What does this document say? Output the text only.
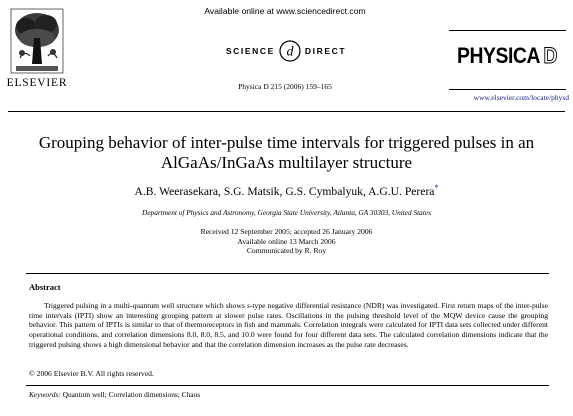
ELSEVIER
Available online at www.sciencedirect.com
SCIENCE d DIRECT
Physica D 215 (2006) 159–165
PHYSICA D
www.elsevier.com/locate/physd
Grouping behavior of inter-pulse time intervals for triggered pulses in an AlGaAs/InGaAs multilayer structure
A.B. Weerasekara, S.G. Matsik, G.S. Cymbalyuk, A.G.U. Perera*
Department of Physics and Astronomy, Georgia State University, Atlanta, GA 30303, United States
Received 12 September 2005; accepted 26 January 2006
Available online 13 March 2006
Communicated by R. Roy
Abstract
Triggered pulsing in a multi-quantum well structure which shows s-type negative differential resistance (NDR) was investigated. First return maps of the inter-pulse time intervals (IPTI) show an interesting grouping pattern at slower pulse rates. Oscillations in the pulsing threshold level of the MQW device cause the grouping behavior. This pattern of IPTIs is similar to that of thermoreceptors in fish and mammals. Correlation integrals were calculated for IPTI data sets collected under different operational conditions, and correlation dimensions 8.0, 8.0, 8.5, and 10.0 were found for four different data sets. The calculated correlation dimensions indicate that the triggered pulsing shows a high dimensional behavior and that the correlation dimension increases as the pulse rate decreases.
© 2006 Elsevier B.V. All rights reserved.
Keywords: Quantum well; Correlation dimensions; Chaos
